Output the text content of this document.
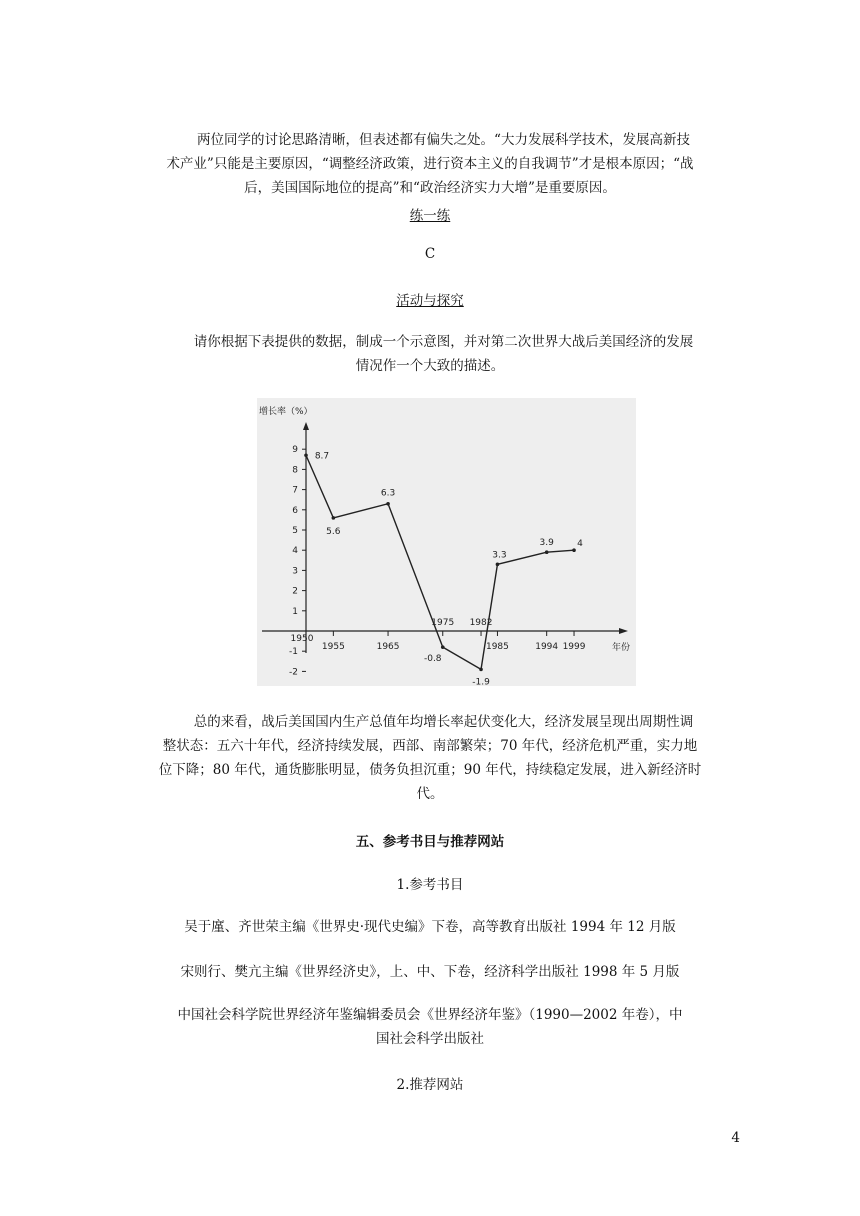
两位同学的讨论思路清晰，但表述都有偏失之处。“大力发展科学技术，发展高新技
术产业”只能是主要原因，“调整经济政策，进行资本主义的自我调节”才是根本原因；“战
后，美国国际地位的提高”和“政治经济实力大增”是重要原因。

练一练

C

活动与探究

请你根据下表提供的数据，制成一个示意图，并对第二次世界大战后美国经济的发展
情况作一个大致的描述。

增长率（%）
年份
9
8
7
6
5
4
3
2
1
-1
-2
1950
1955	1965
1975 1982
1985	1994 1999
8.7
5.6
6.3
-0.8
-1.9
3.3
3.9	4

总的来看，战后美国国内生产总值年均增长率起伏变化大，经济发展呈现出周期性调
整状态：五六十年代，经济持续发展，西部、南部繁荣；70 年代，经济危机严重，实力地
位下降；80 年代，通货膨胀明显，债务负担沉重；90 年代，持续稳定发展，进入新经济时
代。

五、参考书目与推荐网站

1.参考书目

吴于廑、齐世荣主编《世界史·现代史编》下卷，高等教育出版社 1994 年 12 月版

宋则行、樊亢主编《世界经济史》，上、中、下卷，经济科学出版社 1998 年 5 月版

中国社会科学院世界经济年鉴编辑委员会《世界经济年鉴》（1990—2002 年卷），中
国社会科学出版社

2.推荐网站

4
